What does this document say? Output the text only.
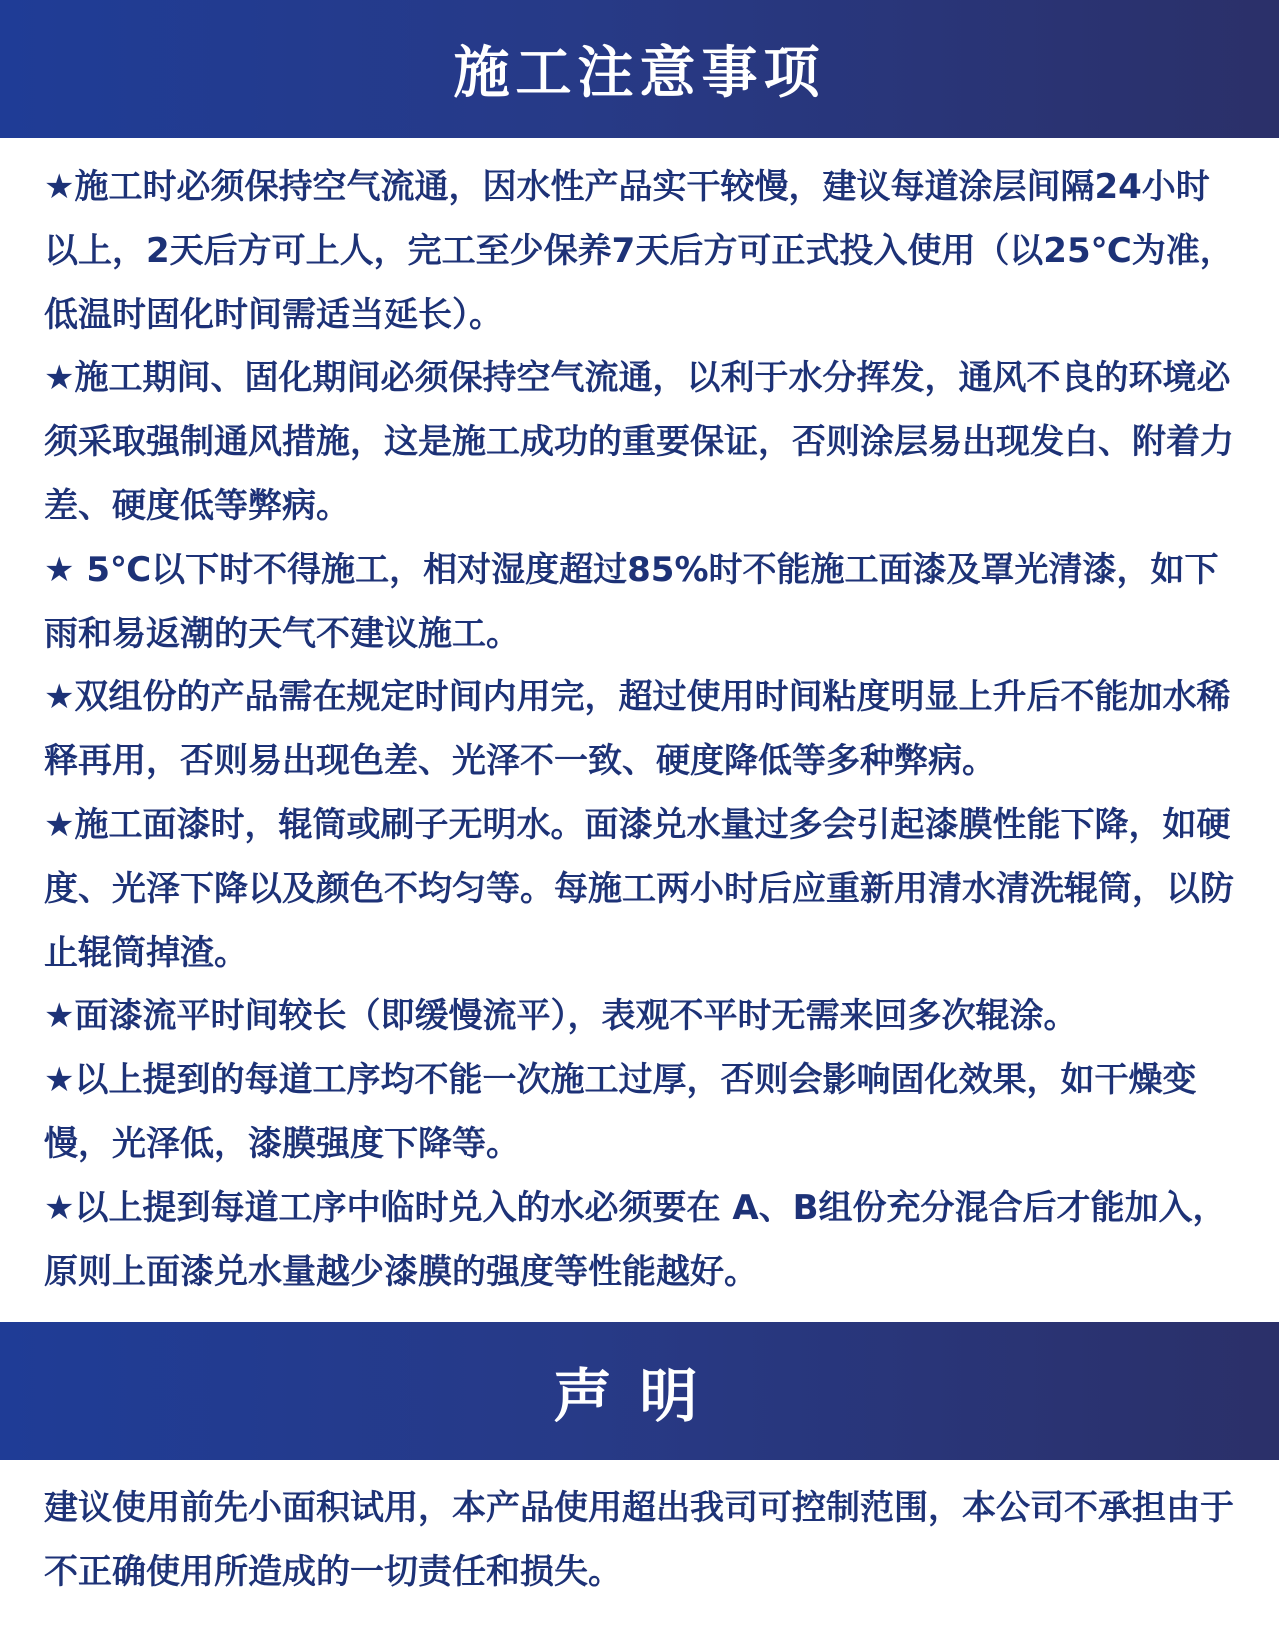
施工注意事项

★施工时必须保持空气流通，因水性产品实干较慢，建议每道涂层间隔24小时以上，2天后方可上人，完工至少保养7天后方可正式投入使用（以25℃为准，低温时固化时间需适当延长）。

★施工期间、固化期间必须保持空气流通，以利于水分挥发，通风不良的环境必须采取强制通风措施，这是施工成功的重要保证，否则涂层易出现发白、附着力差、硬度低等弊病。

★ 5℃以下时不得施工，相对湿度超过85%时不能施工面漆及罩光清漆，如下雨和易返潮的天气不建议施工。

★双组份的产品需在规定时间内用完，超过使用时间粘度明显上升后不能加水稀释再用，否则易出现色差、光泽不一致、硬度降低等多种弊病。

★施工面漆时，辊筒或刷子无明水。面漆兑水量过多会引起漆膜性能下降，如硬度、光泽下降以及颜色不均匀等。每施工两小时后应重新用清水清洗辊筒，以防止辊筒掉渣。

★面漆流平时间较长（即缓慢流平），表观不平时无需来回多次辊涂。

★以上提到的每道工序均不能一次施工过厚，否则会影响固化效果，如干燥变慢，光泽低，漆膜强度下降等。

★以上提到每道工序中临时兑入的水必须要在 A、B组份充分混合后才能加入，原则上面漆兑水量越少漆膜的强度等性能越好。

声明

建议使用前先小面积试用，本产品使用超出我司可控制范围，本公司不承担由于不正确使用所造成的一切责任和损失。
